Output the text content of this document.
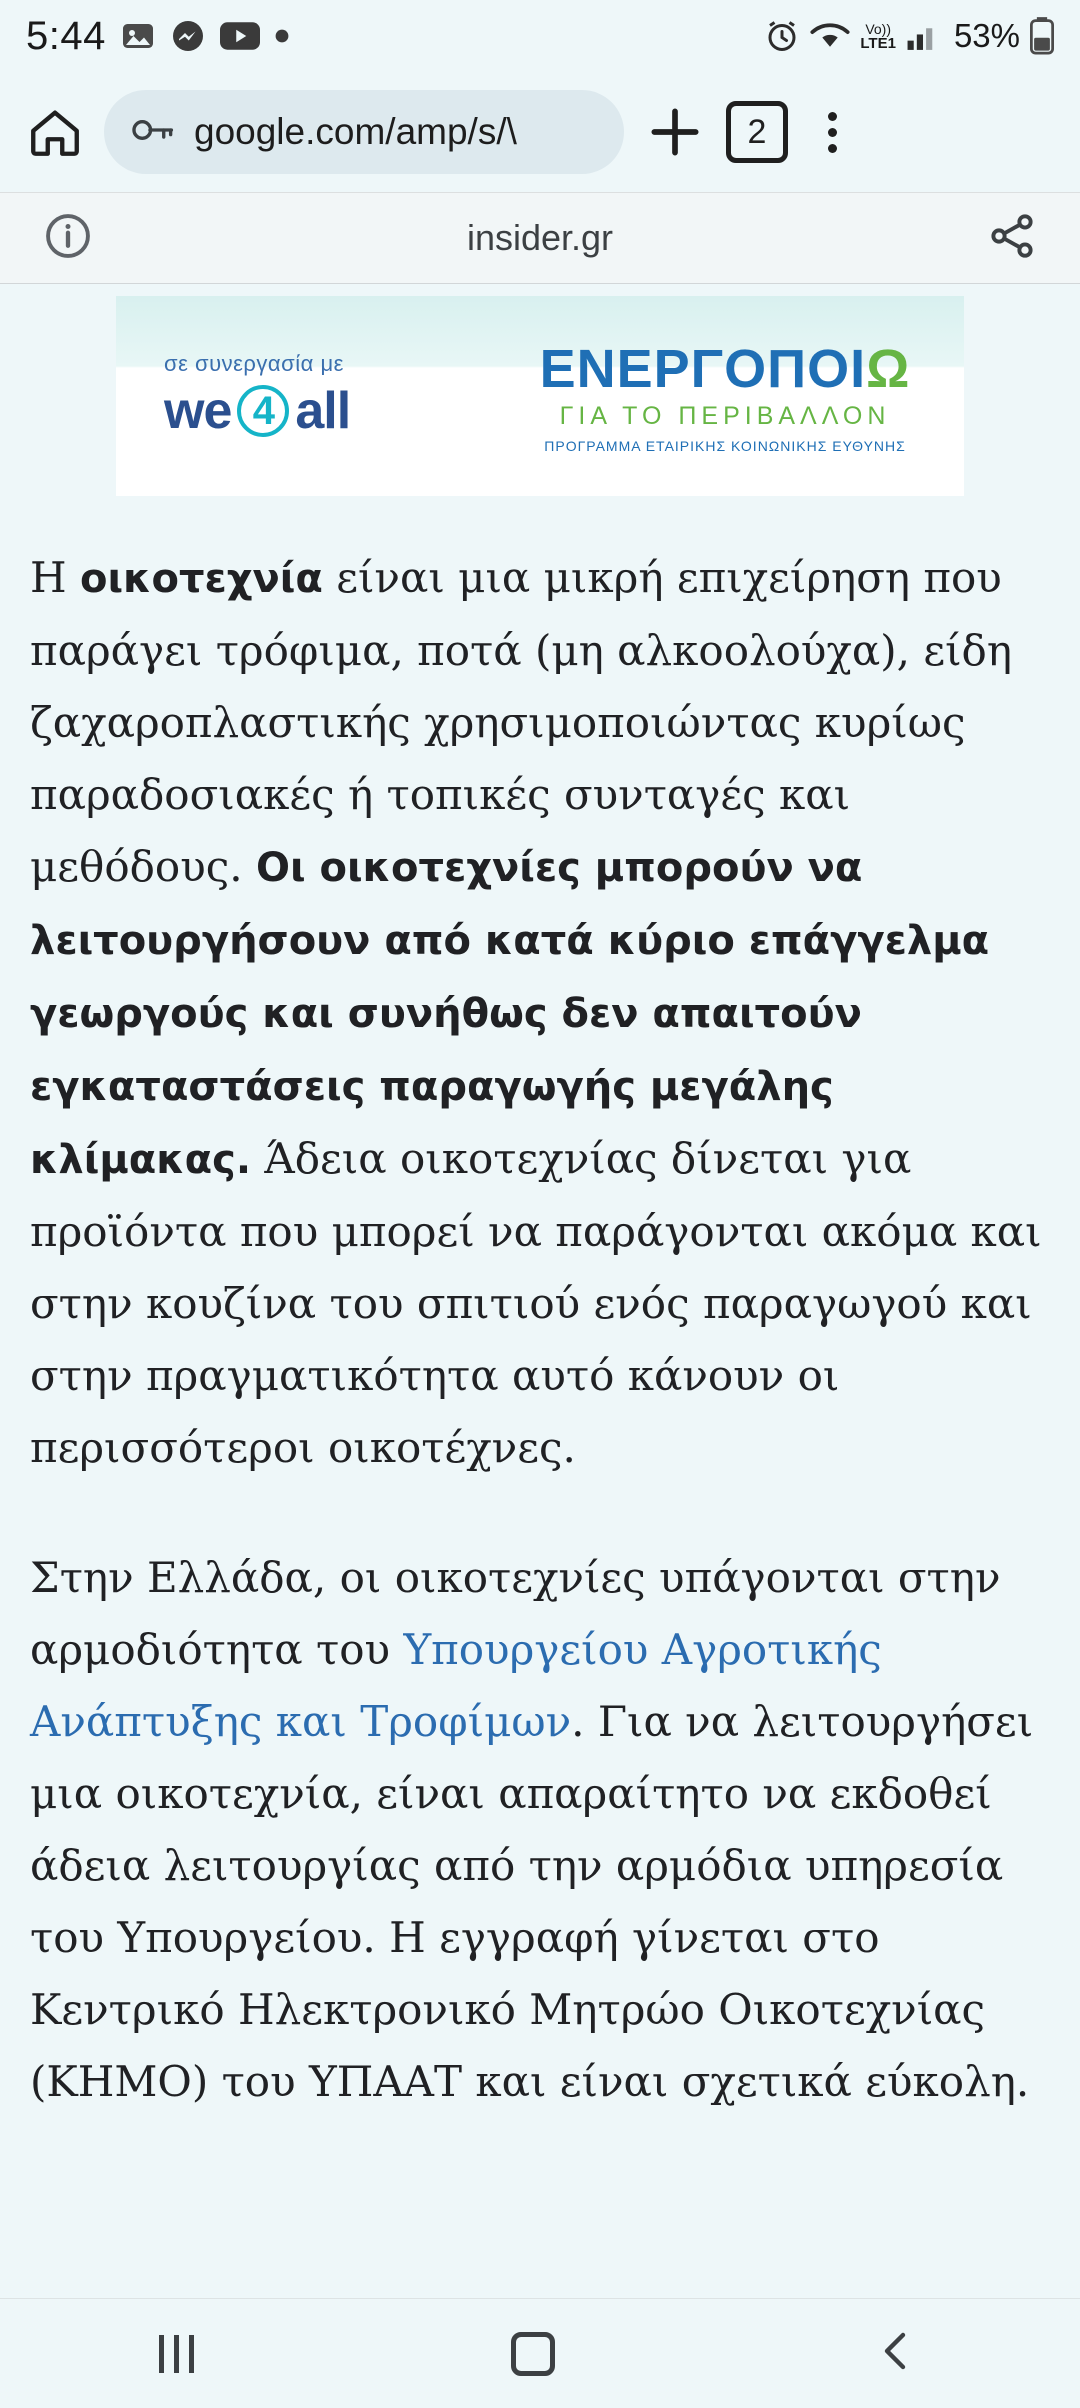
5:44	Vo))
LTE1 53%
google.com/amp/s/\	2
insider.gr
σε συνεργασία με
we 4 all
ΕΝΕΡΓΟΠΟΙ Ω
ΓΙΑ ΤΟ ΠΕΡΙΒΑΛΛΟΝ
ΠΡΟΓΡΑΜΜΑ ΕΤΑΙΡΙΚΗΣ ΚΟΙΝΩΝΙΚΗΣ ΕΥΘΥΝΗΣ

Η οικοτεχνία είναι μια μικρή επιχείρηση που παράγει τρόφιμα, ποτά (μη αλκοολούχα), είδη ζαχαροπλαστικής χρησιμοποιώντας κυρίως παραδοσιακές ή τοπικές συνταγές και μεθόδους. Οι οικοτεχνίες μπορούν να λειτουργήσουν από κατά κύριο επάγγελμα γεωργούς και συνήθως δεν απαιτούν εγκαταστάσεις παραγωγής μεγάλης κλίμακας. Άδεια οικοτεχνίας δίνεται για προϊόντα που μπορεί να παράγονται ακόμα και στην κουζίνα του σπιτιού ενός παραγωγού και στην πραγματικότητα αυτό κάνουν οι περισσότεροι οικοτέχνες.

Στην Ελλάδα, οι οικοτεχνίες υπάγονται στην αρμοδιότητα του Υπουργείου Αγροτικής Ανάπτυξης και Τροφίμων. Για να λειτουργήσει μια οικοτεχνία, είναι απαραίτητο να εκδοθεί άδεια λειτουργίας από την αρμόδια υπηρεσία του Υπουργείου. Η εγγραφή γίνεται στο Κεντρικό Ηλεκτρονικό Μητρώο Οικοτεχνίας (ΚΗΜΟ) του ΥΠΑΑΤ και είναι σχετικά εύκολη.
